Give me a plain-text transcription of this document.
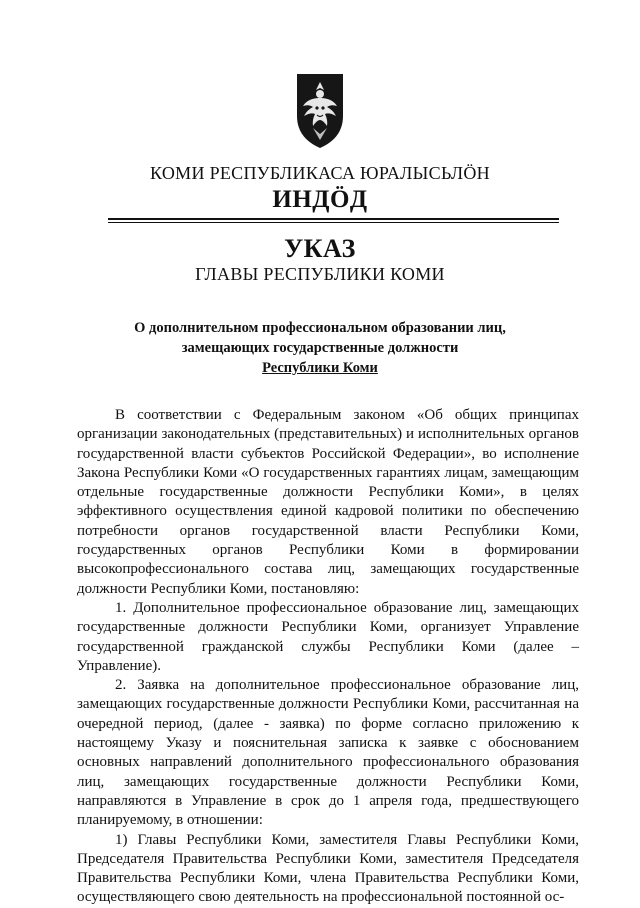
КОМИ РЕСПУБЛИКАСА ЮРАЛЫСЬЛӦН
ИНДӦД
УКАЗ
ГЛАВЫ РЕСПУБЛИКИ КОМИ
О дополнительном профессиональном образовании лиц,
замещающих государственные должности
Республики Коми

В соответствии с Федеральным законом «Об общих принципах организации законодательных (представительных) и исполнительных органов государственной власти субъектов Российской Федерации», во исполнение Закона Республики Коми «О государственных гарантиях лицам, замещающим отдельные государственные должности Республики Коми», в целях эффективного осуществления единой кадровой политики по обеспечению потребности органов государственной власти Республики Коми, государственных органов Республики Коми в формировании высокопрофессионального состава лиц, замещающих государственные должности Республики Коми, постановляю:

1. Дополнительное профессиональное образование лиц, замещающих государственные должности Республики Коми, организует Управление государственной гражданской службы Республики Коми (далее – Управление).

2. Заявка на дополнительное профессиональное образование лиц, замещающих государственные должности Республики Коми, рассчитанная на очередной период, (далее - заявка) по форме согласно приложению к настоящему Указу и пояснительная записка к заявке с обоснованием основных направлений дополнительного профессионального образования лиц, замещающих государственные должности Республики Коми, направляются в Управление в срок до 1 апреля года, предшествующего планируемому, в отношении:

1) Главы Республики Коми, заместителя Главы Республики Коми, Председателя Правительства Республики Коми, заместителя Председателя Правительства Республики Коми, члена Правительства Республики Коми, осуществляющего свою деятельность на профессиональной постоянной ос-
